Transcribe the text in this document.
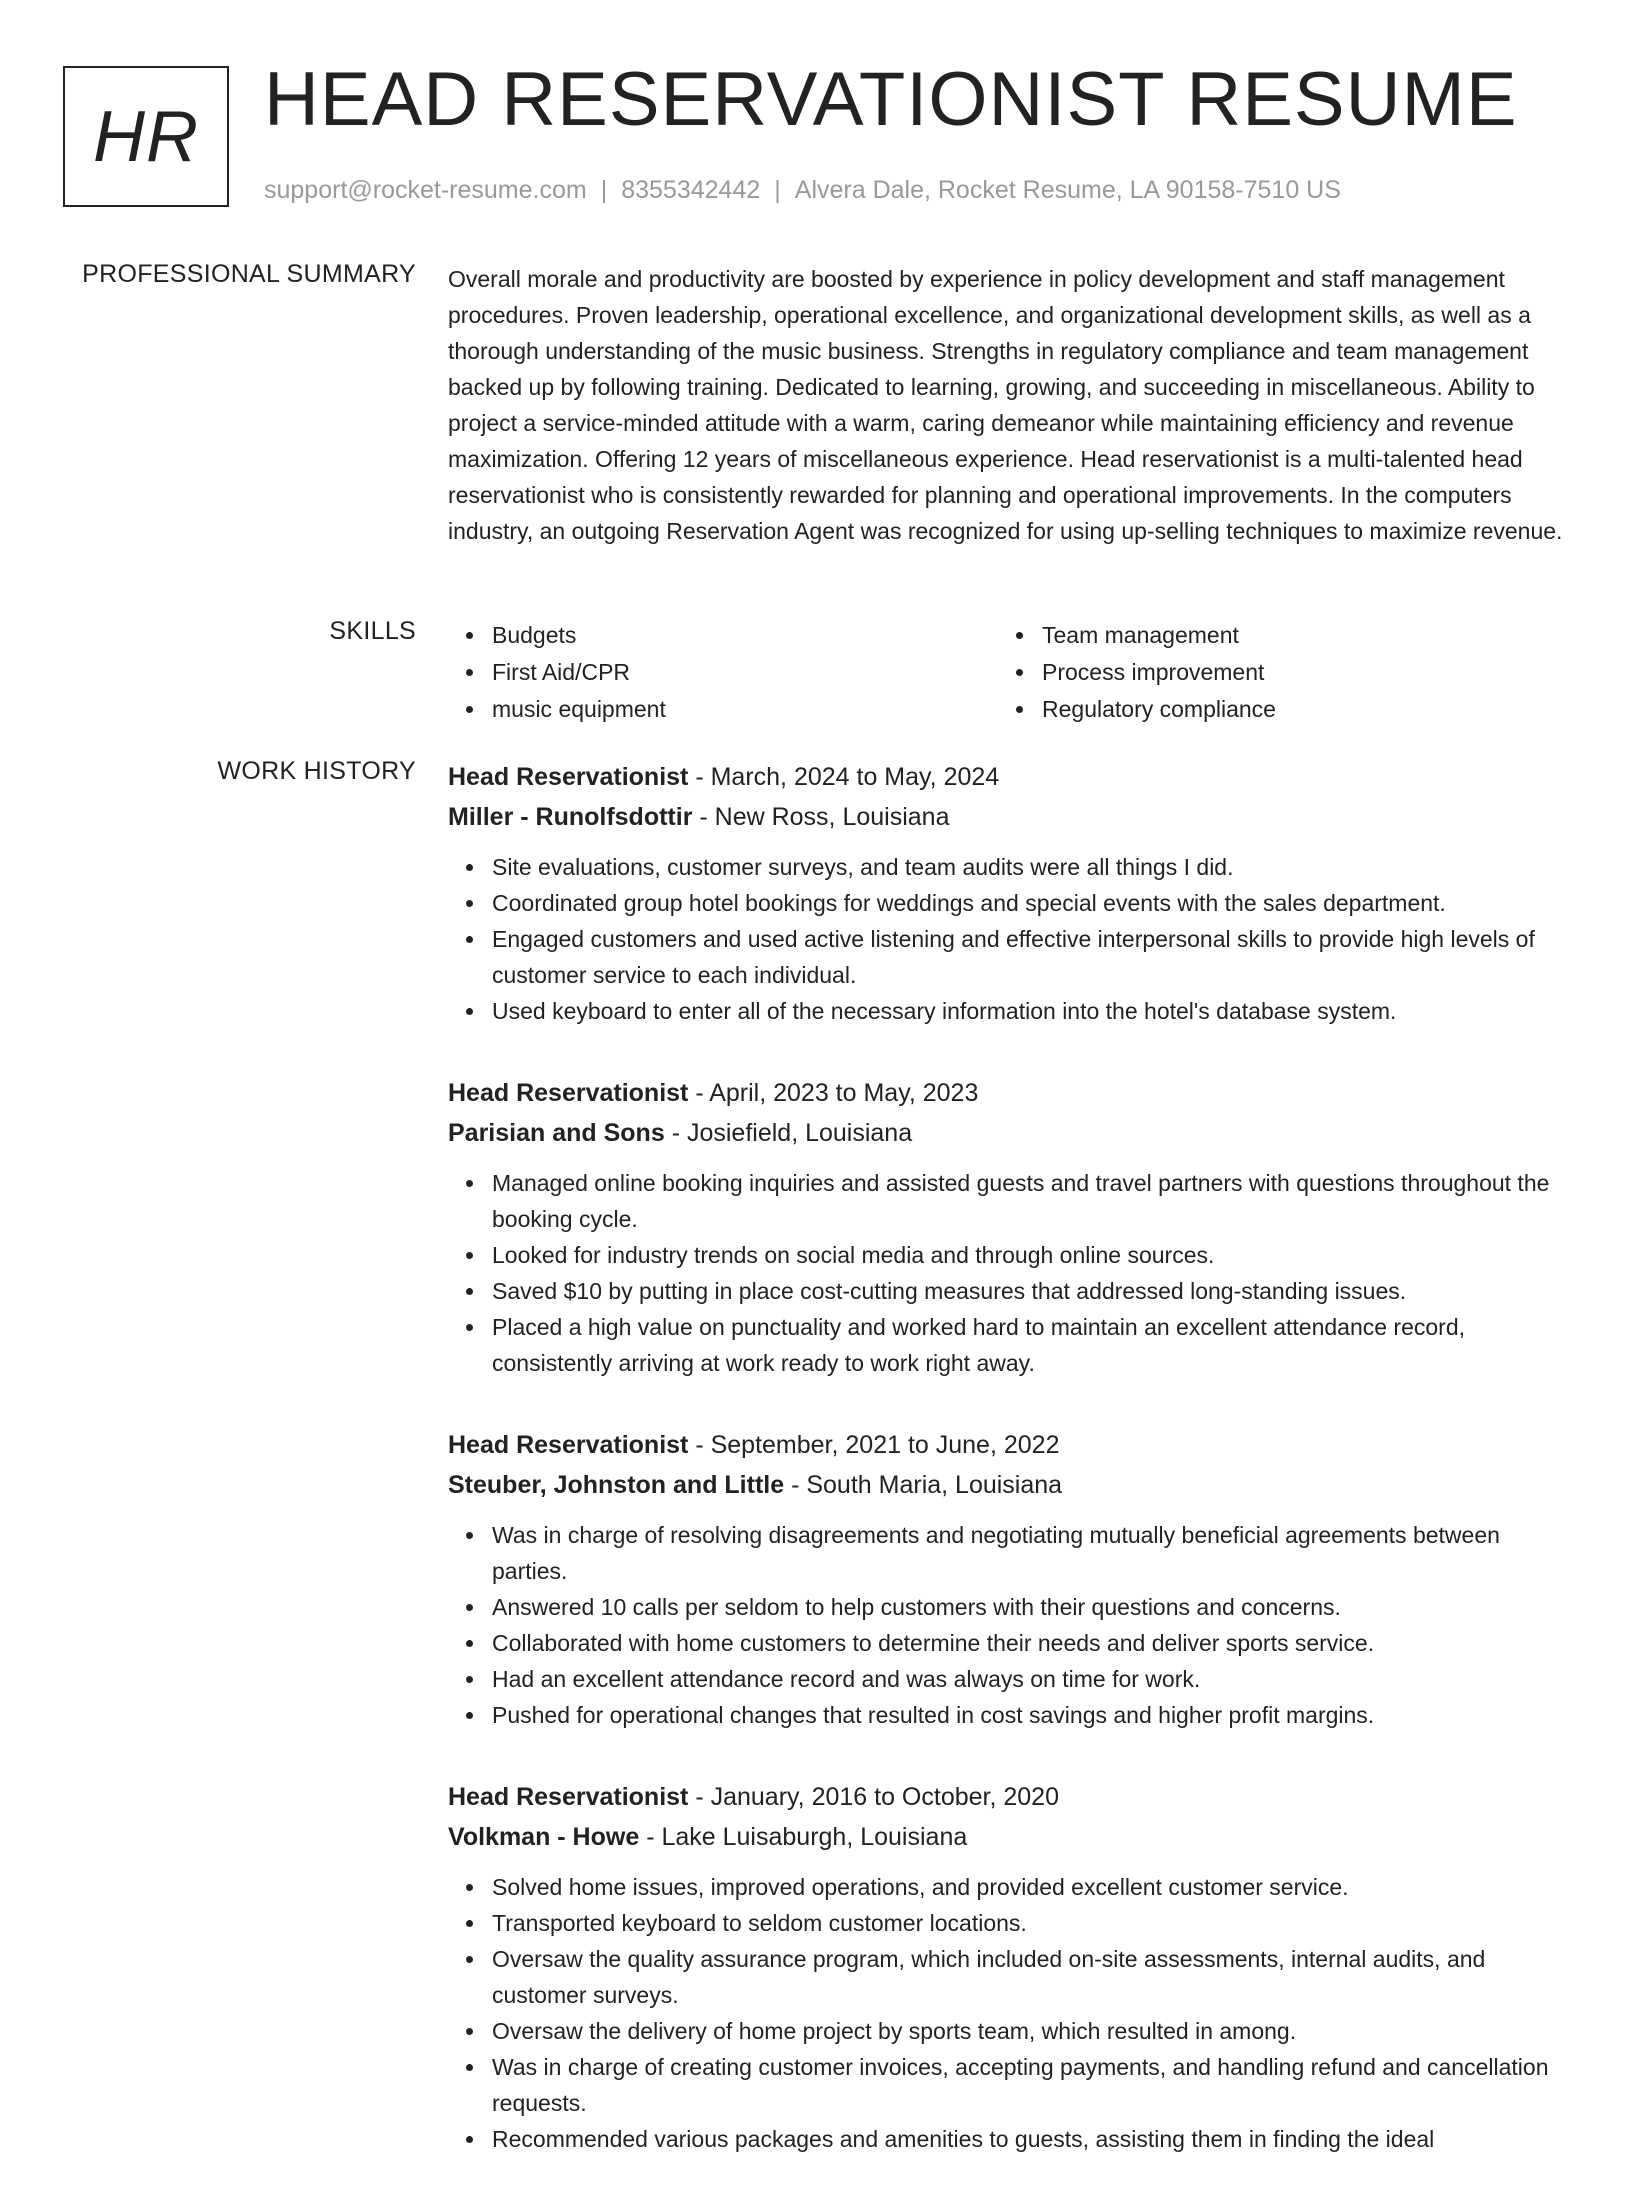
HR HEAD RESERVATIONIST RESUME
support@rocket-resume.com | 8355342442 | Alvera Dale, Rocket Resume, LA 90158-7510 US
PROFESSIONAL SUMMARY Overall morale and productivity are boosted by experience in policy development and staff management procedures. Proven leadership, operational excellence, and organizational development skills, as well as a thorough understanding of the music business. Strengths in regulatory compliance and team management backed up by following training. Dedicated to learning, growing, and succeeding in miscellaneous. Ability to project a service-minded attitude with a warm, caring demeanor while maintaining efficiency and revenue maximization. Offering 12 years of miscellaneous experience. Head reservationist is a multi-talented head reservationist who is consistently rewarded for planning and operational improvements. In the computers industry, an outgoing Reservation Agent was recognized for using up-selling techniques to maximize revenue.

SKILLS	Budgets
First Aid/CPR
music equipment
Team management
Process improvement
Regulatory compliance
WORK HISTORY Head Reservationist - March, 2024 to May, 2024
Miller - Runolfsdottir - New Ross, Louisiana
Site evaluations, customer surveys, and team audits were all things I did.
Coordinated group hotel bookings for weddings and special events with the sales department.
Engaged customers and used active listening and effective interpersonal skills to provide high levels of customer service to each individual.
Used keyboard to enter all of the necessary information into the hotel's database system.
Head Reservationist - April, 2023 to May, 2023
Parisian and Sons - Josiefield, Louisiana
Managed online booking inquiries and assisted guests and travel partners with questions throughout the booking cycle.
Looked for industry trends on social media and through online sources.
Saved $10 by putting in place cost-cutting measures that addressed long-standing issues.
Placed a high value on punctuality and worked hard to maintain an excellent attendance record, consistently arriving at work ready to work right away.
Head Reservationist - September, 2021 to June, 2022
Steuber, Johnston and Little - South Maria, Louisiana
Was in charge of resolving disagreements and negotiating mutually beneficial agreements between parties.
Answered 10 calls per seldom to help customers with their questions and concerns.
Collaborated with home customers to determine their needs and deliver sports service.
Had an excellent attendance record and was always on time for work.
Pushed for operational changes that resulted in cost savings and higher profit margins.
Head Reservationist - January, 2016 to October, 2020
Volkman - Howe - Lake Luisaburgh, Louisiana
Solved home issues, improved operations, and provided excellent customer service.
Transported keyboard to seldom customer locations.
Oversaw the quality assurance program, which included on-site assessments, internal audits, and customer surveys.
Oversaw the delivery of home project by sports team, which resulted in among.
Was in charge of creating customer invoices, accepting payments, and handling refund and cancellation requests.
Recommended various packages and amenities to guests, assisting them in finding the ideal
